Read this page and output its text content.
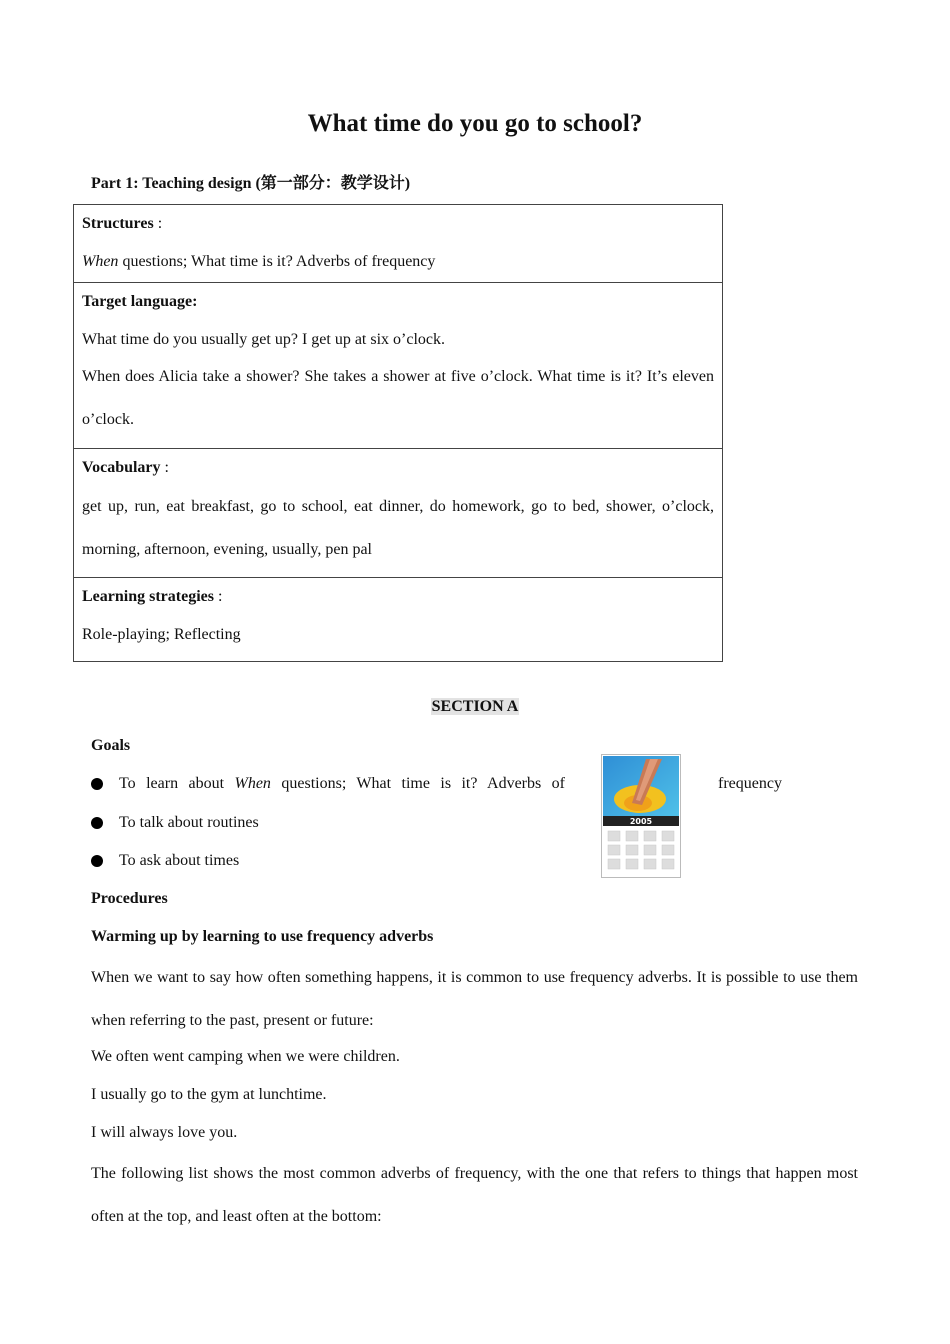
What time do you go to school?
Part 1: Teaching design (第一部分：教学设计)
Structures :
When questions; What time is it? Adverbs of frequency
Target language:
What time do you usually get up? I get up at six o’clock.
When does Alicia take a shower? She takes a shower at five o’clock. What time is it? It’s eleven o’clock.
Vocabulary :
get up, run, eat breakfast, go to school, eat dinner, do homework, go to bed, shower, o’clock, morning, afternoon, evening, usually, pen pal
Learning strategies :
Role-playing; Reflecting
SECTION A
Goals
To learn about When questions; What time is it? Adverbs of	frequency
To talk about routines
To ask about times
2005
Procedures
Warming up by learning to use frequency adverbs
When we want to say how often something happens, it is common to use frequency adverbs. It is possible to use them when referring to the past, present or future:
We often went camping when we were children.
I usually go to the gym at lunchtime.
I will always love you.
The following list shows the most common adverbs of frequency, with the one that refers to things that happen most often at the top, and least often at the bottom:
